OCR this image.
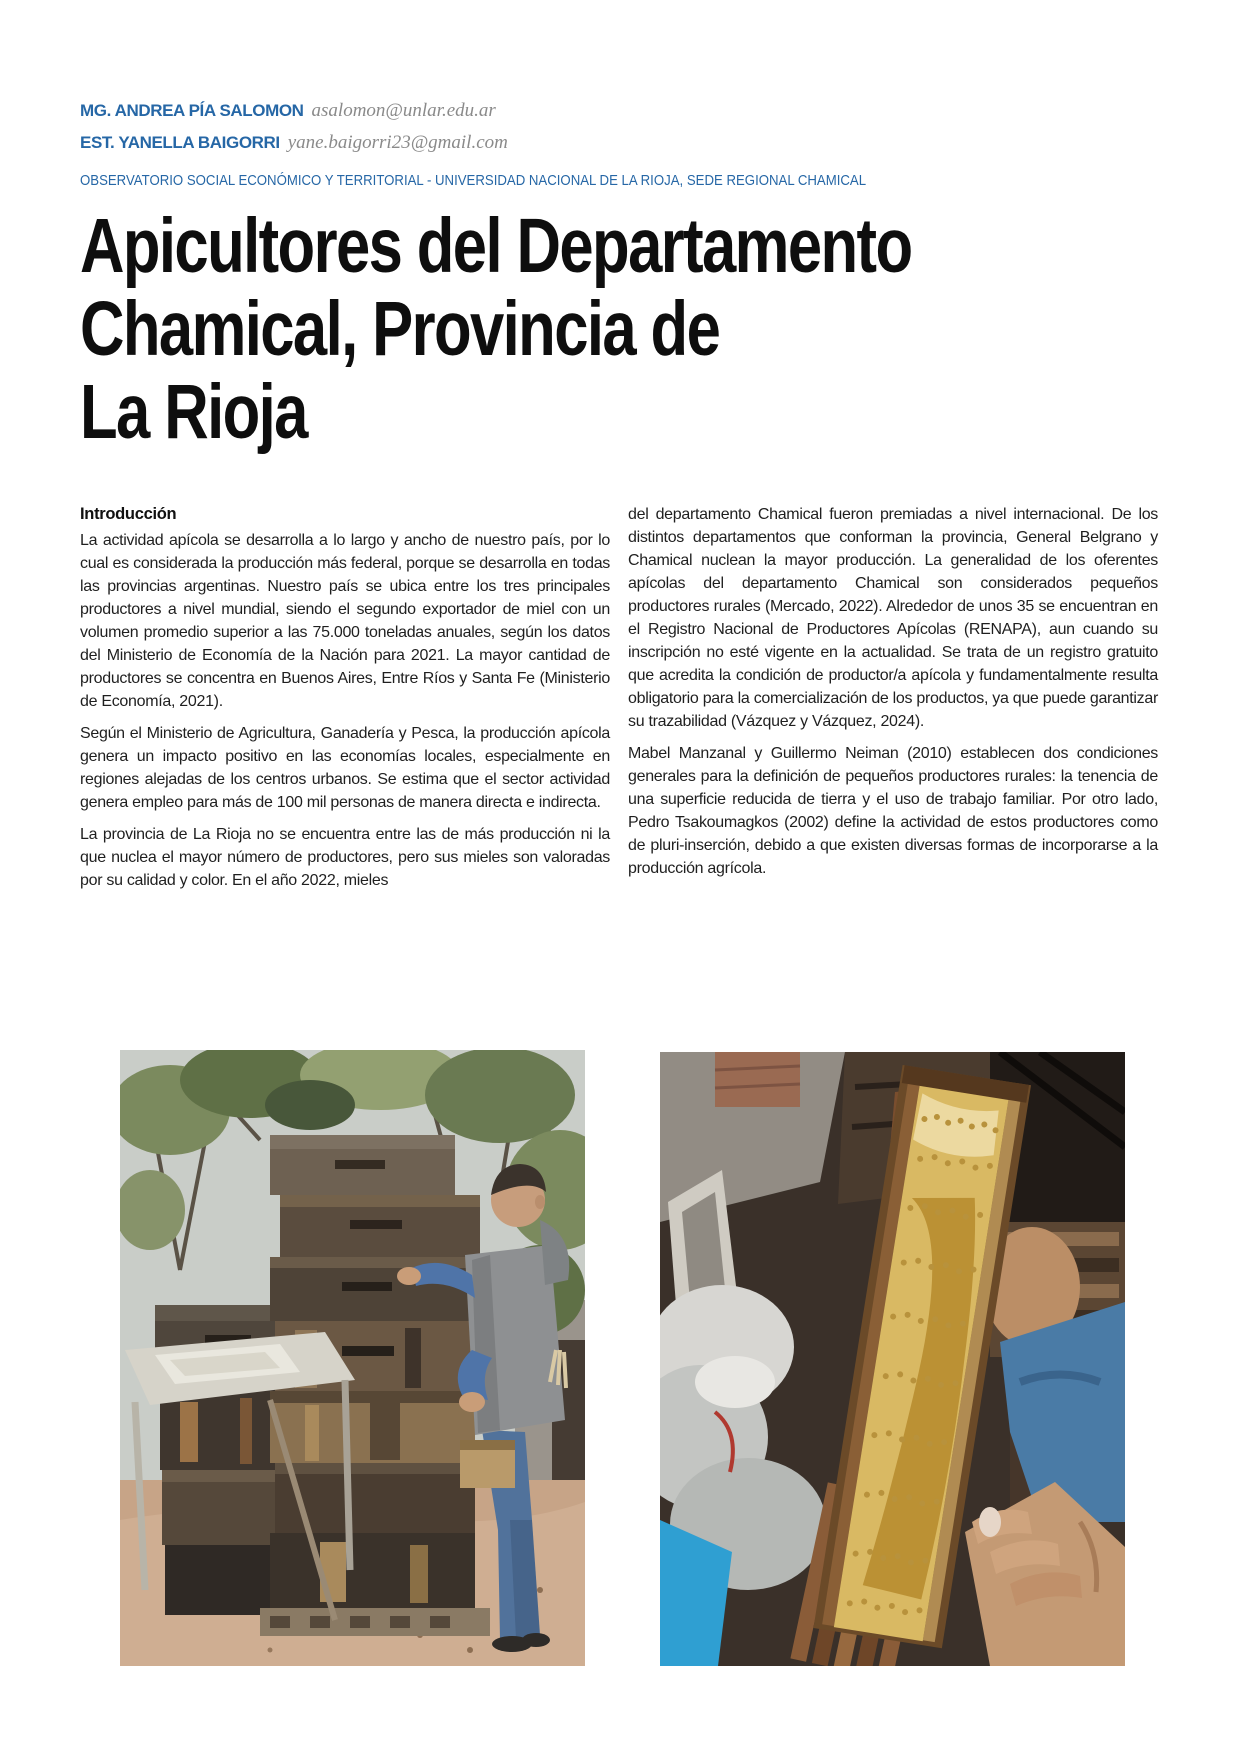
MG. ANDREA PÍA SALOMON asalomon@unlar.edu.ar
EST. YANELLA BAIGORRI yane.baigorri23@gmail.com
OBSERVATORIO SOCIAL ECONÓMICO Y TERRITORIAL - UNIVERSIDAD NACIONAL DE LA RIOJA, SEDE REGIONAL CHAMICAL
Apicultores del Departamento
Chamical, Provincia de
La Rioja
Introducción

La actividad apícola se desarrolla a lo largo y ancho de nuestro país, por lo cual es considerada la producción más federal, porque se desarrolla en todas las provincias argentinas. Nuestro país se ubica entre los tres principales productores a nivel mundial, siendo el segundo exportador de miel con un volumen promedio superior a las 75.000 toneladas anuales, según los datos del Ministerio de Economía de la Nación para 2021. La mayor cantidad de productores se concentra en Buenos Aires, Entre Ríos y Santa Fe (Ministerio de Economía, 2021).

Según el Ministerio de Agricultura, Ganadería y Pesca, la producción apícola genera un impacto positivo en las economías locales, especialmente en regiones alejadas de los centros urbanos. Se estima que el sector actividad genera empleo para más de 100 mil personas de manera directa e indirecta.

La provincia de La Rioja no se encuentra entre las de más producción ni la que nuclea el mayor número de productores, pero sus mieles son valoradas por su calidad y color. En el año 2022, mieles

del departamento Chamical fueron premiadas a nivel internacional. De los distintos departamentos que conforman la provincia, General Belgrano y Chamical nuclean la mayor producción. La generalidad de los oferentes apícolas del departamento Chamical son considerados pequeños productores rurales (Mercado, 2022). Alrededor de unos 35 se encuentran en el Registro Nacional de Productores Apícolas (RENAPA), aun cuando su inscripción no esté vigente en la actualidad. Se trata de un registro gratuito que acredita la condición de productor/a apícola y fundamentalmente resulta obligatorio para la comercialización de los productos, ya que puede garantizar su trazabilidad (Vázquez y Vázquez, 2024).

Mabel Manzanal y Guillermo Neiman (2010) establecen dos condiciones generales para la definición de pequeños productores rurales: la tenencia de una superficie reducida de tierra y el uso de trabajo familiar. Por otro lado, Pedro Tsakoumagkos (2002) define la actividad de estos productores como de pluri-inserción, debido a que existen diversas formas de incorporarse a la producción agrícola.
